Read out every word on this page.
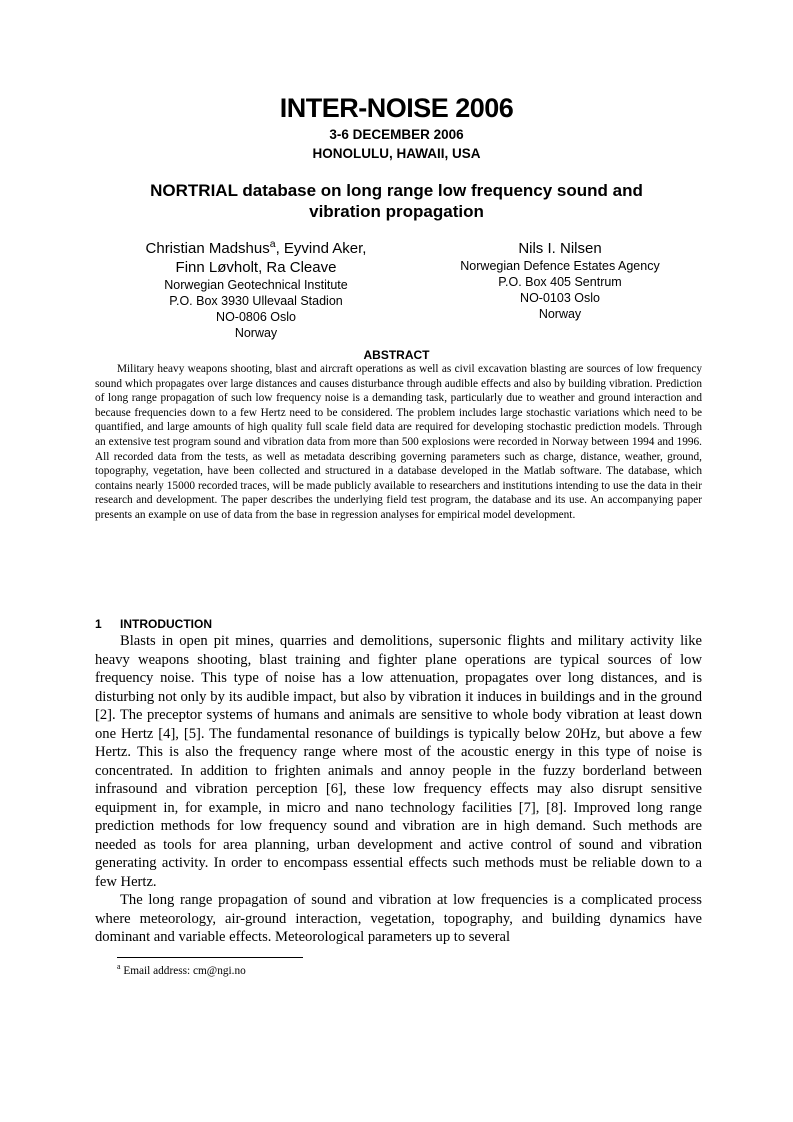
INTER-NOISE 2006
3-6 DECEMBER 2006
HONOLULU, HAWAII, USA
NORTRIAL database on long range low frequency sound and vibration propagation
Christian Madshus$^a$, Eyvind Aker,
Finn Løvholt, Ra Cleave
Norwegian Geotechnical Institute
P.O. Box 3930 Ullevaal Stadion
NO-0806 Oslo
Norway
Nils I. Nilsen
Norwegian Defence Estates Agency
P.O. Box 405 Sentrum
NO-0103 Oslo
Norway
ABSTRACT
Military heavy weapons shooting, blast and aircraft operations as well as civil excavation blasting are sources of low frequency sound which propagates over large distances and causes disturbance through audible effects and also by building vibration. Prediction of long range propagation of such low frequency noise is a demanding task, particularly due to weather and ground interaction and because frequencies down to a few Hertz need to be considered. The problem includes large stochastic variations which need to be quantified, and large amounts of high quality full scale field data are required for developing stochastic prediction models. Through an extensive test program sound and vibration data from more than 500 explosions were recorded in Norway between 1994 and 1996. All recorded data from the tests, as well as metadata describing governing parameters such as charge, distance, weather, ground, topography, vegetation, have been collected and structured in a database developed in the Matlab software. The database, which contains nearly 15000 recorded traces, will be made publicly available to researchers and institutions intending to use the data in their research and development. The paper describes the underlying field test program, the database and its use. An accompanying paper presents an example on use of data from the base in regression analyses for empirical model development.
1 INTRODUCTION

Blasts in open pit mines, quarries and demolitions, supersonic flights and military activity like heavy weapons shooting, blast training and fighter plane operations are typical sources of low frequency noise. This type of noise has a low attenuation, propagates over long distances, and is disturbing not only by its audible impact, but also by vibration it induces in buildings and in the ground [2]. The preceptor systems of humans and animals are sensitive to whole body vibration at least down one Hertz [4], [5]. The fundamental resonance of buildings is typically below 20Hz, but above a few Hertz. This is also the frequency range where most of the acoustic energy in this type of noise is concentrated. In addition to frighten animals and annoy people in the fuzzy borderland between infrasound and vibration perception [6], these low frequency effects may also disrupt sensitive equipment in, for example, in micro and nano technology facilities [7], [8]. Improved long range prediction methods for low frequency sound and vibration are in high demand. Such methods are needed as tools for area planning, urban development and active control of sound and vibration generating activity. In order to encompass essential effects such methods must be reliable down to a few Hertz.

The long range propagation of sound and vibration at low frequencies is a complicated process where meteorology, air-ground interaction, vegetation, topography, and building dynamics have dominant and variable effects. Meteorological parameters up to several

$^a$ Email address: cm@ngi.no
